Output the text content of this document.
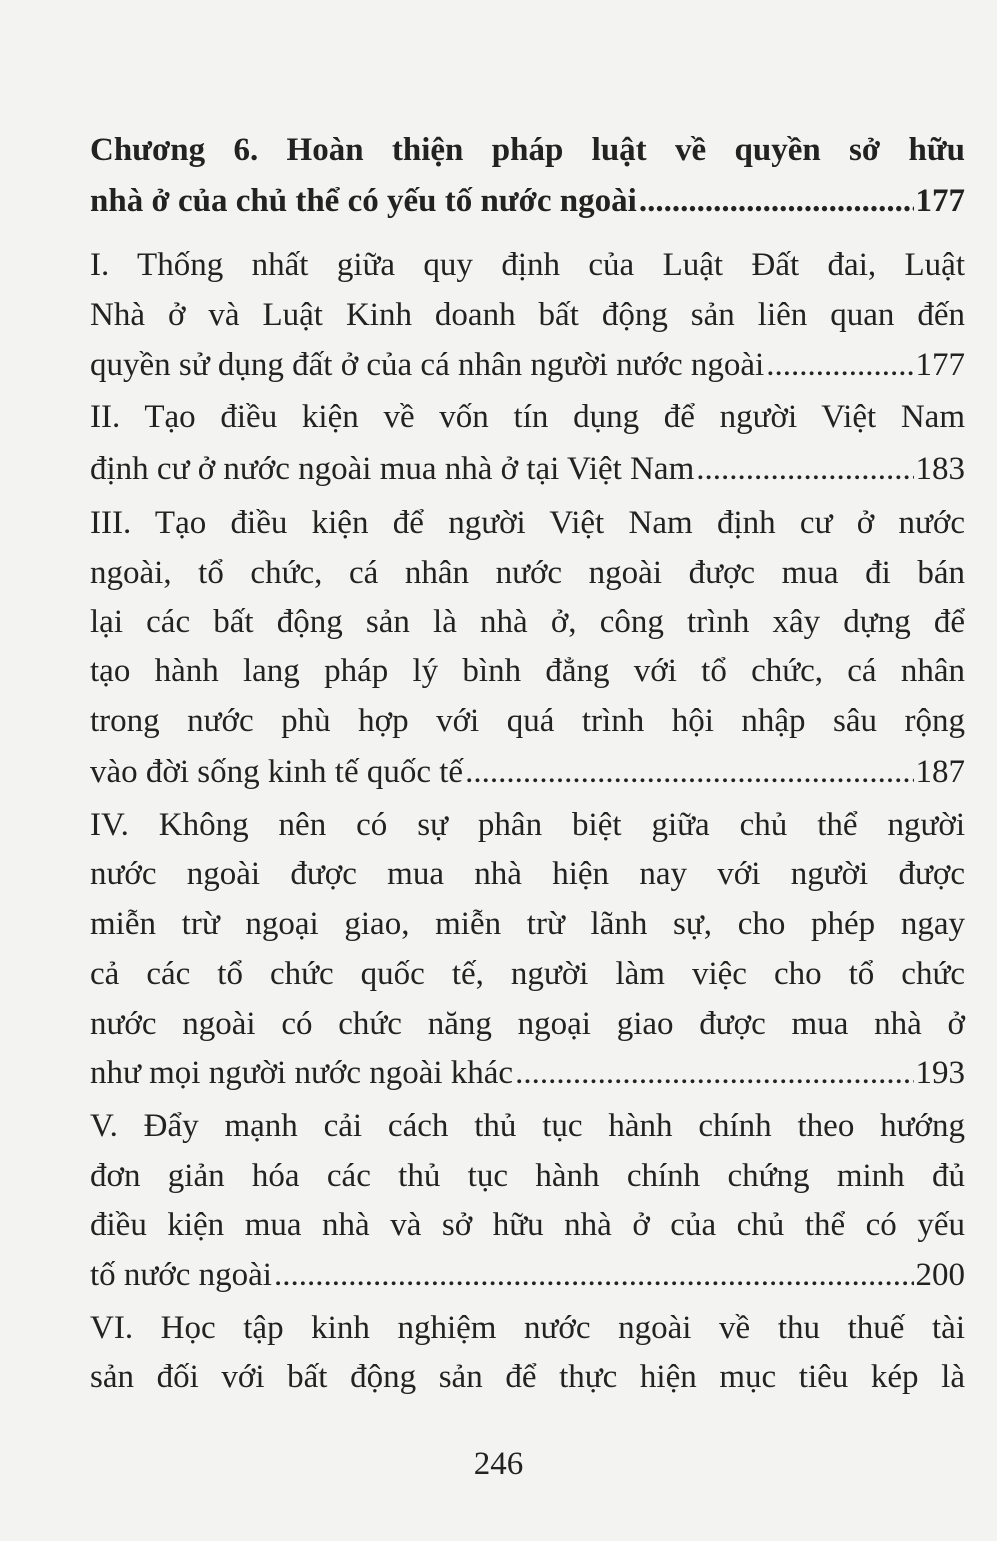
Chương 6. Hoàn thiện pháp luật về quyền sở hữu
nhà ở của chủ thể có yếu tố nước ngoài .....	177
I. Thống nhất giữa quy định của Luật Đất đai, Luật
Nhà ở và Luật Kinh doanh bất động sản liên quan đến
quyền sử dụng đất ở của cá nhân người nước ngoài .....	177
II. Tạo điều kiện về vốn tín dụng để người Việt Nam
định cư ở nước ngoài mua nhà ở tại Việt Nam .....	183
III. Tạo điều kiện để người Việt Nam định cư ở nước
ngoài, tổ chức, cá nhân nước ngoài được mua đi bán
lại các bất động sản là nhà ở, công trình xây dựng để
tạo hành lang pháp lý bình đẳng với tổ chức, cá nhân
trong nước phù hợp với quá trình hội nhập sâu rộng
vào đời sống kinh tế quốc tế .....	187
IV. Không nên có sự phân biệt giữa chủ thể người
nước ngoài được mua nhà hiện nay với người được
miễn trừ ngoại giao, miễn trừ lãnh sự, cho phép ngay
cả các tổ chức quốc tế, người làm việc cho tổ chức
nước ngoài có chức năng ngoại giao được mua nhà ở
như mọi người nước ngoài khác .....	193
V. Đẩy mạnh cải cách thủ tục hành chính theo hướng
đơn giản hóa các thủ tục hành chính chứng minh đủ
điều kiện mua nhà và sở hữu nhà ở của chủ thể có yếu
tố nước ngoài .....	200
VI. Học tập kinh nghiệm nước ngoài về thu thuế tài
sản đối với bất động sản để thực hiện mục tiêu kép là
246
